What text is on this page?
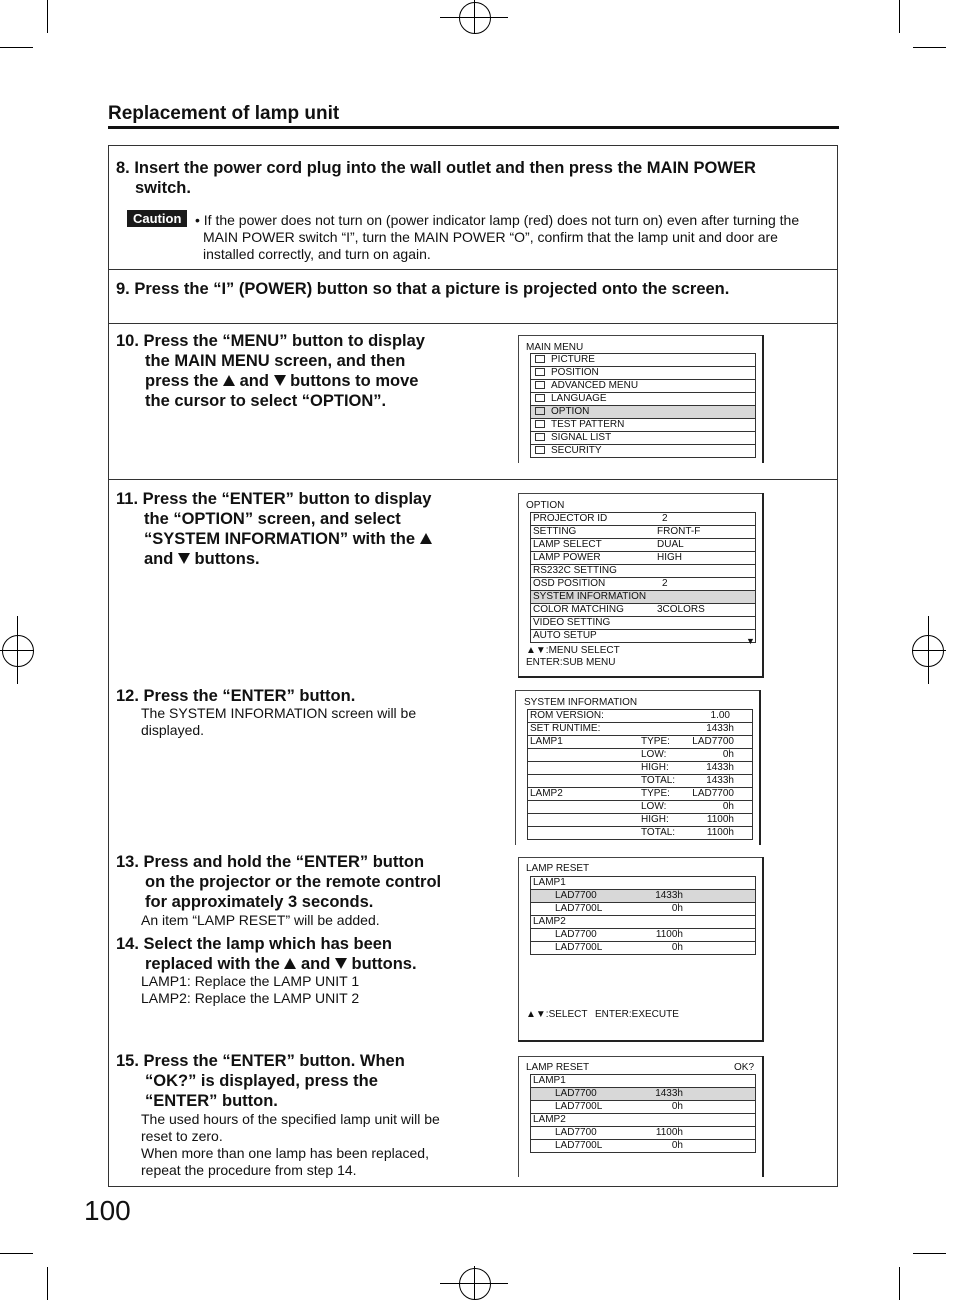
Replacement of lamp unit
8. Insert the power cord plug into the wall outlet and then press the MAIN POWER
switch.
Caution • If the power does not turn on (power indicator lamp (red) does not turn on) even after turning the
MAIN POWER switch “I”, turn the MAIN POWER “O”, confirm that the lamp unit and door are
installed correctly, and turn on again.
9. Press the “I” (POWER) button so that a picture is projected onto the screen.
10. Press the “MENU” button to display
the MAIN MENU screen, and then
press the and buttons to move
the cursor to select “OPTION”.
MAIN MENU
PICTURE
POSITION
ADVANCED MENU
LANGUAGE
OPTION
TEST PATTERN
SIGNAL LIST
SECURITY
11. Press the “ENTER” button to display
the “OPTION” screen, and select
“SYSTEM INFORMATION” with the
and buttons.
OPTION
PROJECTOR ID	2
SETTING	FRONT-F
LAMP SELECT	DUAL
LAMP POWER	HIGH
RS232C SETTING
OSD POSITION	2
SYSTEM INFORMATION
COLOR MATCHING	3COLORS
VIDEO SETTING
AUTO SETUP	▼
▲▼:MENU SELECT
ENTER:SUB MENU
12. Press the “ENTER” button.
The SYSTEM INFORMATION screen will be
displayed.
SYSTEM INFORMATION
ROM VERSION:	1.00
SET RUNTIME:	1433h
LAMP1	TYPE: LAD7700
LOW:	0h
HIGH:	1433h
TOTAL:	1433h
LAMP2	TYPE: LAD7700
LOW:	0h
HIGH:	1100h
TOTAL:	1100h
13. Press and hold the “ENTER” button
on the projector or the remote control
for approximately 3 seconds.
An item “LAMP RESET” will be added.
14. Select the lamp which has been
replaced with the and buttons.
LAMP1: Replace the LAMP UNIT 1
LAMP2: Replace the LAMP UNIT 2
LAMP RESET
LAMP1
LAD7700	1433h
LAD7700L	0h
LAMP2
LAD7700	1100h
LAD7700L	0h
▲▼:SELECT ENTER:EXECUTE
15. Press the “ENTER” button. When
“OK?” is displayed, press the
“ENTER” button.
The used hours of the specified lamp unit will be
reset to zero.
When more than one lamp has been replaced,
repeat the procedure from step 14.
LAMP RESET	OK?
LAMP1
LAD7700	1433h
LAD7700L	0h
LAMP2
LAD7700	1100h
LAD7700L	0h
100
